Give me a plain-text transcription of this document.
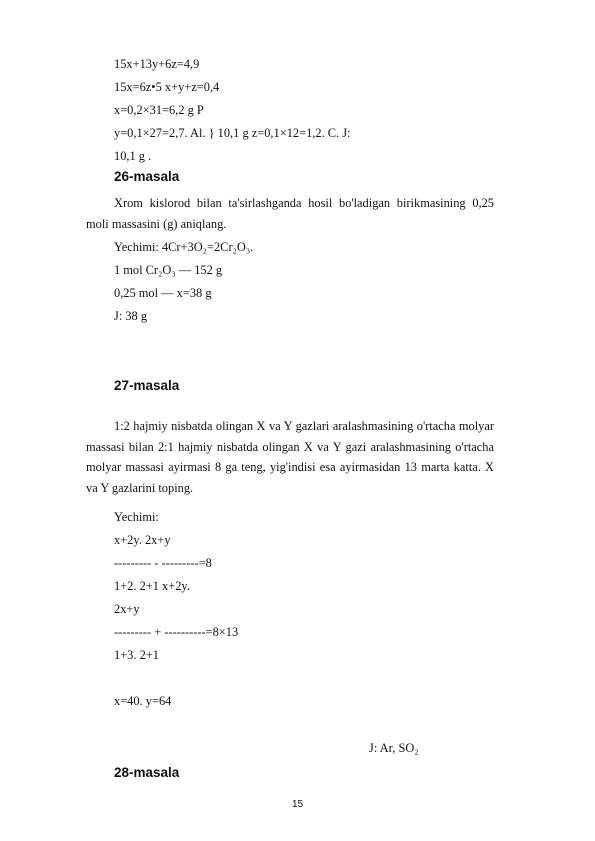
15x+13y+6z=4,9
15x=6z•5 x+y+z=0,4
x=0,2×31=6,2 g P
y=0,1×27=2,7. Al. } 10,1 g z=0,1×12=1,2. C. J:
10,1 g .
26-masala
Xrom kislorod bilan ta'sirlashganda hosil bo'ladigan birikmasining 0,25 moli massasini (g) aniqlang.
Yechimi: 4Cr+3O₂=2Cr₂O₃.
1 mol Cr₂O₃ — 152 g
0,25 mol — x=38 g
J: 38 g
27-masala
1:2 hajmiy nisbatda olingan X va Y gazlari aralashmasining o'rtacha molyar massasi bilan 2:1 hajmiy nisbatda olingan X va Y gazi aralashmasining o'rtacha molyar massasi ayirmasi 8 ga teng, yig'indisi esa ayirmasidan 13 marta katta. X va Y gazlarini toping.
Yechimi:
x+2y. 2x+y
--------- - ---------=8
1+2. 2+1 x+2y.
2x+y
--------- + ----------=8×13
1+3. 2+1
x=40. y=64
J: Ar, SO₂
28-masala
15
